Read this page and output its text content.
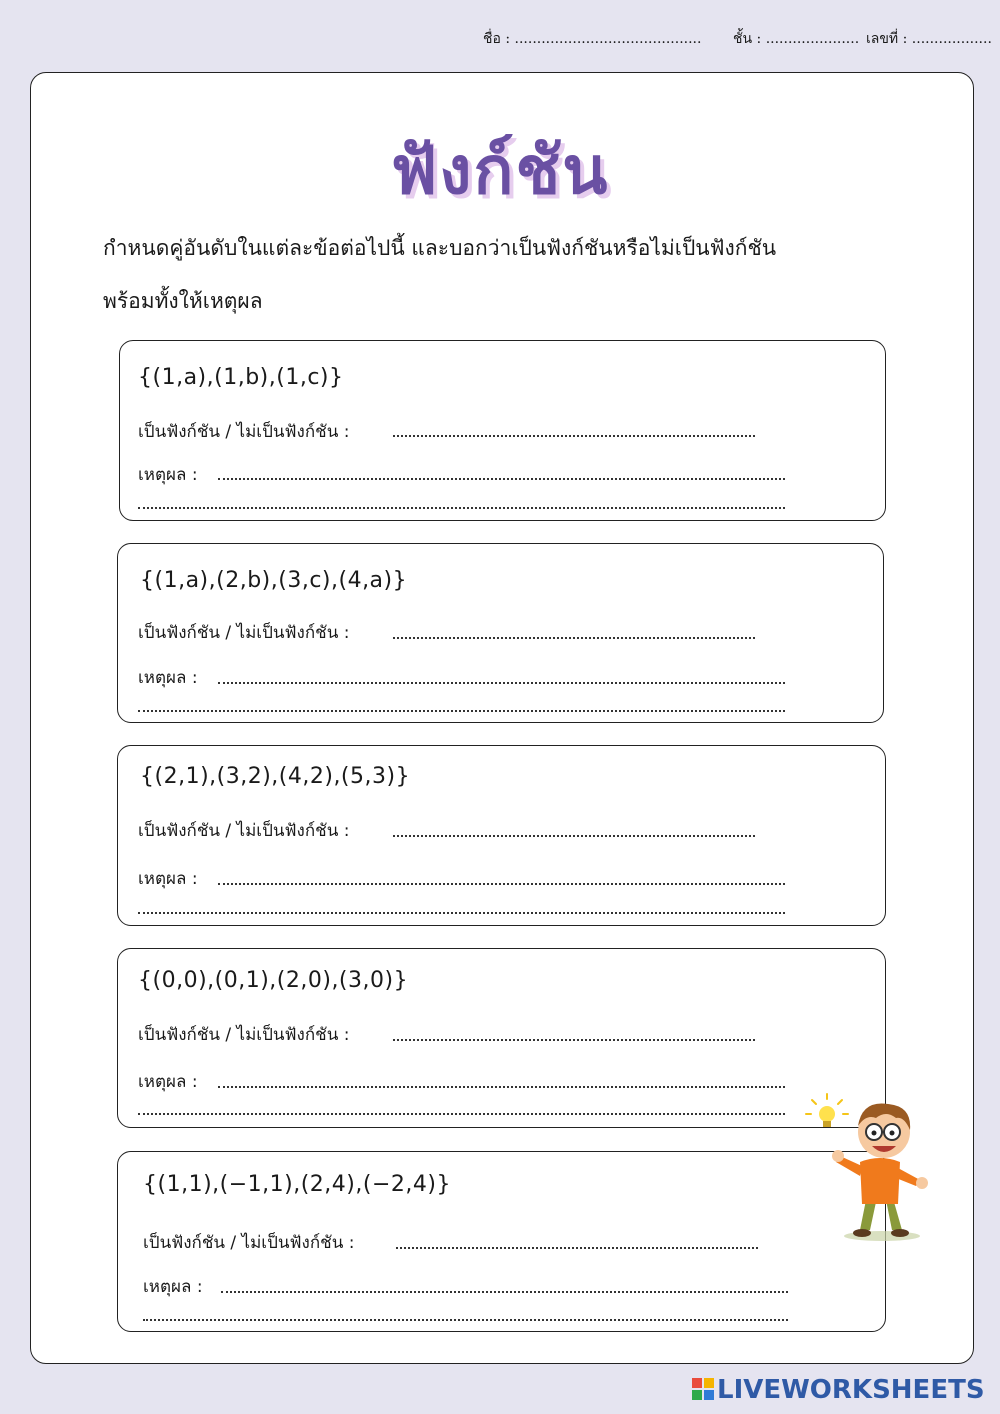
ชื่อ : .......................................... ชั้น : ..................... เลขที่ : ..................
ฟังก์ชัน
กำหนดคู่อันดับในแต่ละข้อต่อไปนี้ และบอกว่าเป็นฟังก์ชันหรือไม่เป็นฟังก์ชัน
พร้อมทั้งให้เหตุผล
{(1,a),(1,b),(1,c)}
เป็นฟังก์ชัน / ไม่เป็นฟังก์ชัน :
เหตุผล :
{(1,a),(2,b),(3,c),(4,a)}
เป็นฟังก์ชัน / ไม่เป็นฟังก์ชัน :
เหตุผล :
{(2,1),(3,2),(4,2),(5,3)}
เป็นฟังก์ชัน / ไม่เป็นฟังก์ชัน :
เหตุผล :
{(0,0),(0,1),(2,0),(3,0)}
เป็นฟังก์ชัน / ไม่เป็นฟังก์ชัน :
เหตุผล :
{(1,1),(−1,1),(2,4),(−2,4)}
เป็นฟังก์ชัน / ไม่เป็นฟังก์ชัน :
เหตุผล :
LIVEWORKSHEETS
